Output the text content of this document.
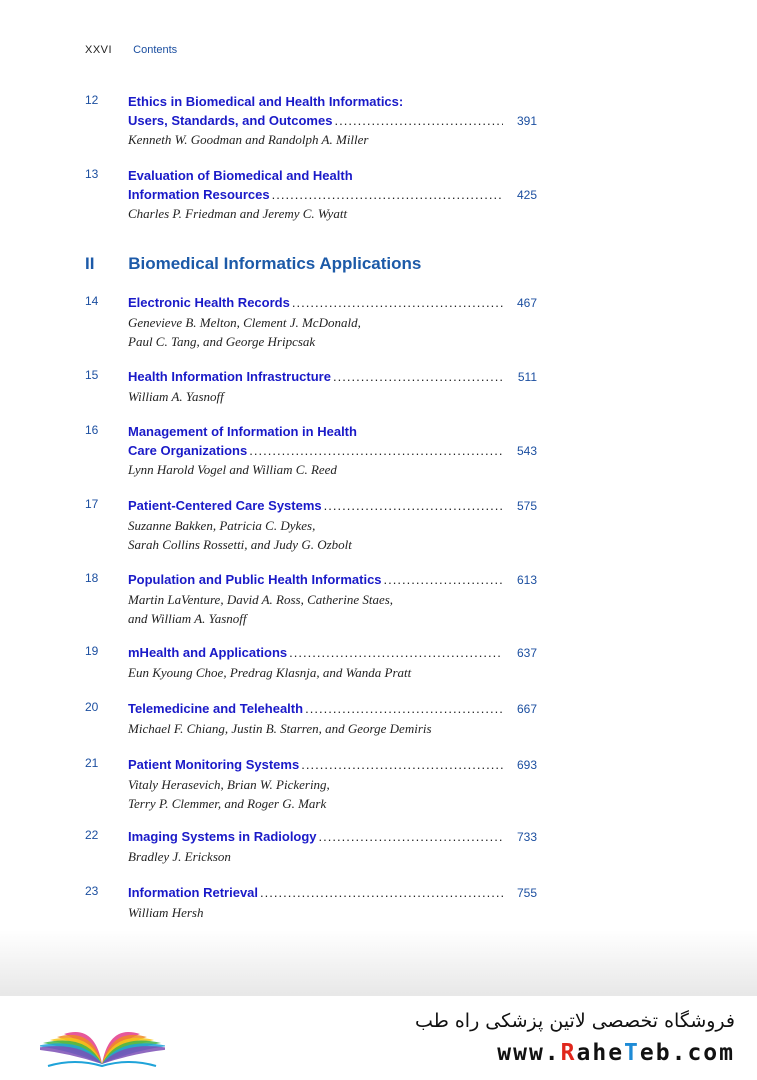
XXVI Contents
II Biomedical Informatics Applications
12 Ethics in Biomedical and Health Informatics:
Users, Standards, and Outcomes . . .	391
Kenneth W. Goodman and Randolph A. Miller
13 Evaluation of Biomedical and Health
Information Resources . . .	425
Charles P. Friedman and Jeremy C. Wyatt
14 Electronic Health Records . . .	467
Genevieve B. Melton, Clement J. McDonald,
Paul C. Tang, and George Hripcsak
15 Health Information Infrastructure . . .	511
William A. Yasnoff
16 Management of Information in Health
Care Organizations . . .	543
Lynn Harold Vogel and William C. Reed
17 Patient-Centered Care Systems . . .	575
Suzanne Bakken, Patricia C. Dykes,
Sarah Collins Rossetti, and Judy G. Ozbolt
18 Population and Public Health Informatics . . .	613
Martin LaVenture, David A. Ross, Catherine Staes,
and William A. Yasnoff
19 mHealth and Applications . . .	637
Eun Kyoung Choe, Predrag Klasnja, and Wanda Pratt
20 Telemedicine and Telehealth . . .	667
Michael F. Chiang, Justin B. Starren, and George Demiris
21 Patient Monitoring Systems . . .	693
Vitaly Herasevich, Brian W. Pickering,
Terry P. Clemmer, and Roger G. Mark
22 Imaging Systems in Radiology . . .	733
Bradley J. Erickson
23 Information Retrieval . . .	755
William Hersh
فروشگاه تخصصی لاتین پزشکی راه طب
www.RaheTeb.com
